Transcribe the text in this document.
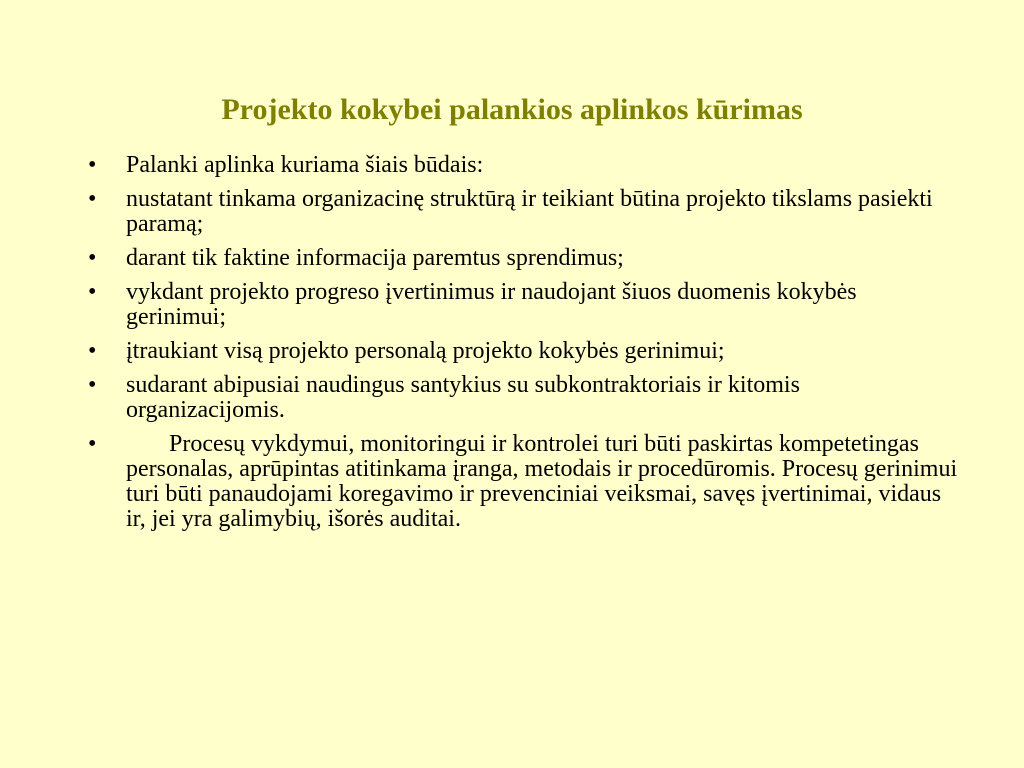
Projekto kokybei palankios aplinkos kūrimas
• Palanki aplinka kuriama šiais būdais:
• nustatant tinkama organizacinę struktūrą ir teikiant būtina projekto tikslams pasiekti paramą;
• darant tik faktine informacija paremtus sprendimus;
• vykdant projekto progreso įvertinimus ir naudojant šiuos duomenis kokybės gerinimui;
• įtraukiant visą projekto personalą projekto kokybės gerinimui;
• sudarant abipusiai naudingus santykius su subkontraktoriais ir kitomis organizacijomis.
•	Procesų vykdymui, monitoringui ir kontrolei turi būti paskirtas kompetetingas personalas, aprūpintas atitinkama įranga, metodais ir procedūromis. Procesų gerinimui turi būti panaudojami koregavimo ir prevenciniai veiksmai, savęs įvertinimai, vidaus ir, jei yra galimybių, išorės auditai.
